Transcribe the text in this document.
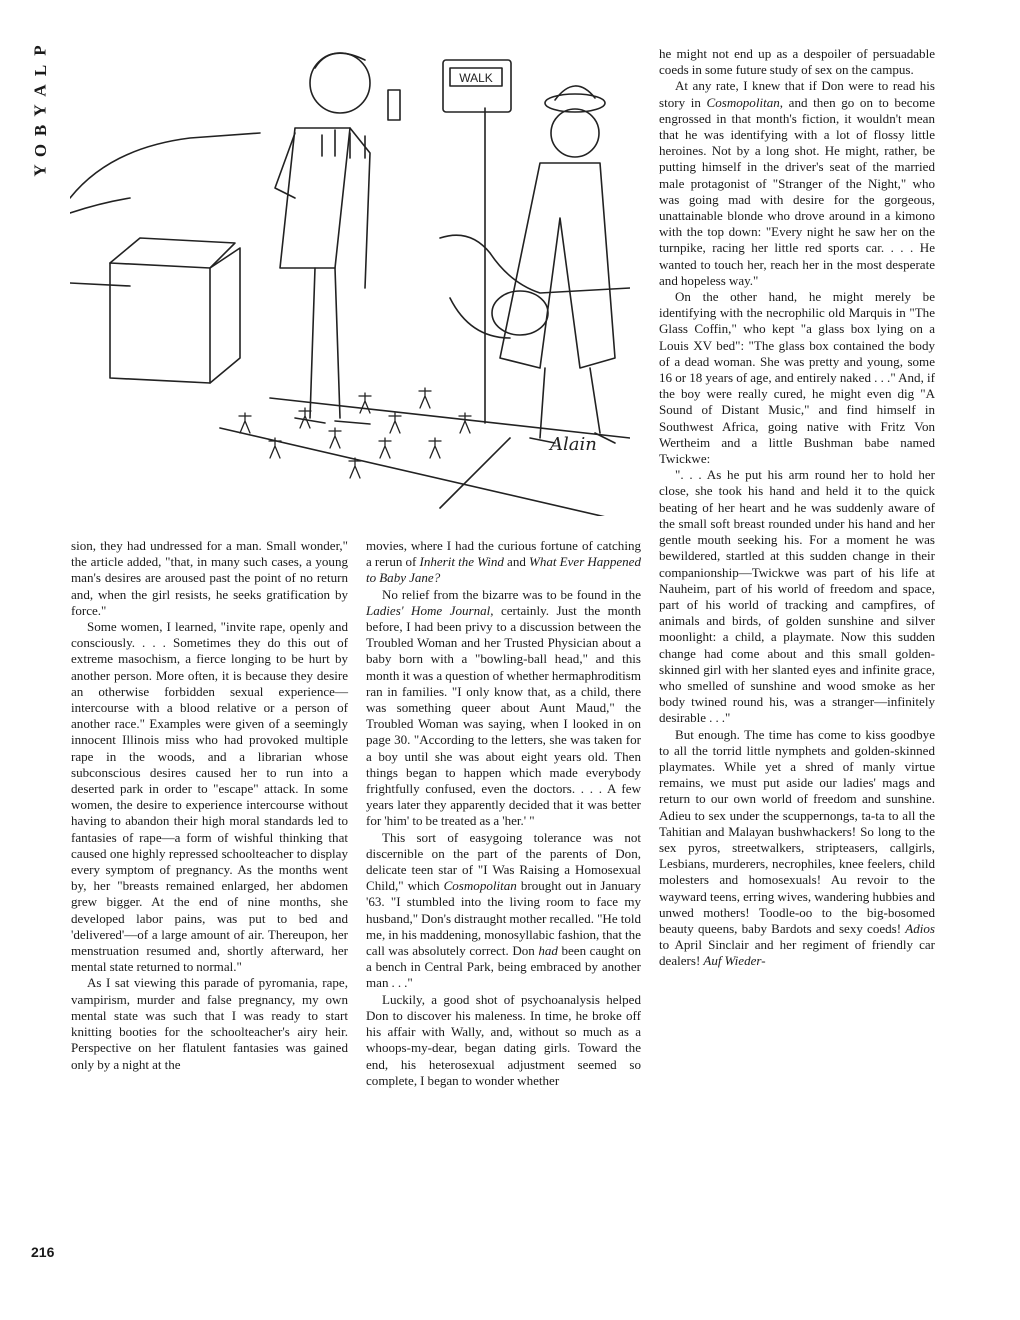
P
L
A
Y
B
O
Y
WALK
Alain

sion, they had undressed for a man. Small wonder," the article added, "that, in many such cases, a young man's desires are aroused past the point of no return and, when the girl resists, he seeks gratification by force."

Some women, I learned, "invite rape, openly and consciously. . . . Sometimes they do this out of extreme masochism, a fierce longing to be hurt by another person. More often, it is because they desire an otherwise forbidden sexual experience—intercourse with a blood relative or a person of another race." Examples were given of a seemingly innocent Illinois miss who had provoked multiple rape in the woods, and a librarian whose subconscious desires caused her to run into a deserted park in order to "escape" attack. In some women, the desire to experience intercourse without having to abandon their high moral standards led to fantasies of rape—a form of wishful thinking that caused one highly repressed schoolteacher to display every symptom of pregnancy. As the months went by, her "breasts remained enlarged, her abdomen grew bigger. At the end of nine months, she developed labor pains, was put to bed and 'delivered'—of a large amount of air. Thereupon, her menstruation resumed and, shortly afterward, her mental state returned to normal."

As I sat viewing this parade of pyromania, rape, vampirism, murder and false pregnancy, my own mental state was such that I was ready to start knitting booties for the schoolteacher's airy heir. Perspective on her flatulent fantasies was gained only by a night at the

movies, where I had the curious fortune of catching a rerun of Inherit the Wind and What Ever Happened to Baby Jane?

No relief from the bizarre was to be found in the Ladies' Home Journal, certainly. Just the month before, I had been privy to a discussion between the Troubled Woman and her Trusted Physician about a baby born with a "bowling-ball head," and this month it was a question of whether hermaphroditism ran in families. "I only know that, as a child, there was something queer about Aunt Maud," the Troubled Woman was saying, when I looked in on page 30. "According to the letters, she was taken for a boy until she was about eight years old. Then things began to happen which made everybody frightfully confused, even the doctors. . . . A few years later they apparently decided that it was better for 'him' to be treated as a 'her.' "

This sort of easygoing tolerance was not discernible on the part of the parents of Don, delicate teen star of "I Was Raising a Homosexual Child," which Cosmopolitan brought out in January '63. "I stumbled into the living room to face my husband," Don's distraught mother recalled. "He told me, in his maddening, monosyllabic fashion, that the call was absolutely correct. Don had been caught on a bench in Central Park, being embraced by another man . . ."

Luckily, a good shot of psychoanalysis helped Don to discover his maleness. In time, he broke off his affair with Wally, and, without so much as a whoops-my-dear, began dating girls. Toward the end, his heterosexual adjustment seemed so complete, I began to wonder whether

he might not end up as a despoiler of persuadable coeds in some future study of sex on the campus.

At any rate, I knew that if Don were to read his story in Cosmopolitan, and then go on to become engrossed in that month's fiction, it wouldn't mean that he was identifying with a lot of flossy little heroines. Not by a long shot. He might, rather, be putting himself in the driver's seat of the married male protagonist of "Stranger of the Night," who was going mad with desire for the gorgeous, unattainable blonde who drove around in a kimono with the top down: "Every night he saw her on the turnpike, racing her little red sports car. . . . He wanted to touch her, reach her in the most desperate and hopeless way."

On the other hand, he might merely be identifying with the necrophilic old Marquis in "The Glass Coffin," who kept "a glass box lying on a Louis XV bed": "The glass box contained the body of a dead woman. She was pretty and young, some 16 or 18 years of age, and entirely naked . . ." And, if the boy were really cured, he might even dig "A Sound of Distant Music," and find himself in Southwest Africa, going native with Fritz Von Wertheim and a little Bushman babe named Twickwe:

". . . As he put his arm round her to hold her close, she took his hand and held it to the quick beating of her heart and he was suddenly aware of the small soft breast rounded under his hand and her gentle mouth seeking his. For a moment he was bewildered, startled at this sudden change in their companionship—Twickwe was part of his life at Nauheim, part of his world of freedom and space, part of his world of tracking and campfires, of animals and birds, of golden sunshine and silver moonlight: a child, a playmate. Now this sudden change had come about and this small golden-skinned girl with her slanted eyes and infinite grace, who smelled of sunshine and wood smoke as her body twined round his, was a stranger—infinitely desirable . . ."

But enough. The time has come to kiss goodbye to all the torrid little nymphets and golden-skinned playmates. While yet a shred of manly virtue remains, we must put aside our ladies' mags and return to our own world of freedom and sunshine. Adieu to sex under the scuppernongs, ta-ta to all the Tahitian and Malayan bushwhackers! So long to the sex pyros, streetwalkers, stripteasers, callgirls, Lesbians, murderers, necrophiles, knee feelers, child molesters and homosexuals! Au revoir to the wayward teens, erring wives, wandering hubbies and unwed mothers! Toodle-oo to the big-bosomed beauty queens, baby Bardots and sexy coeds! Adios to April Sinclair and her regiment of friendly car dealers! Auf Wieder-

216
